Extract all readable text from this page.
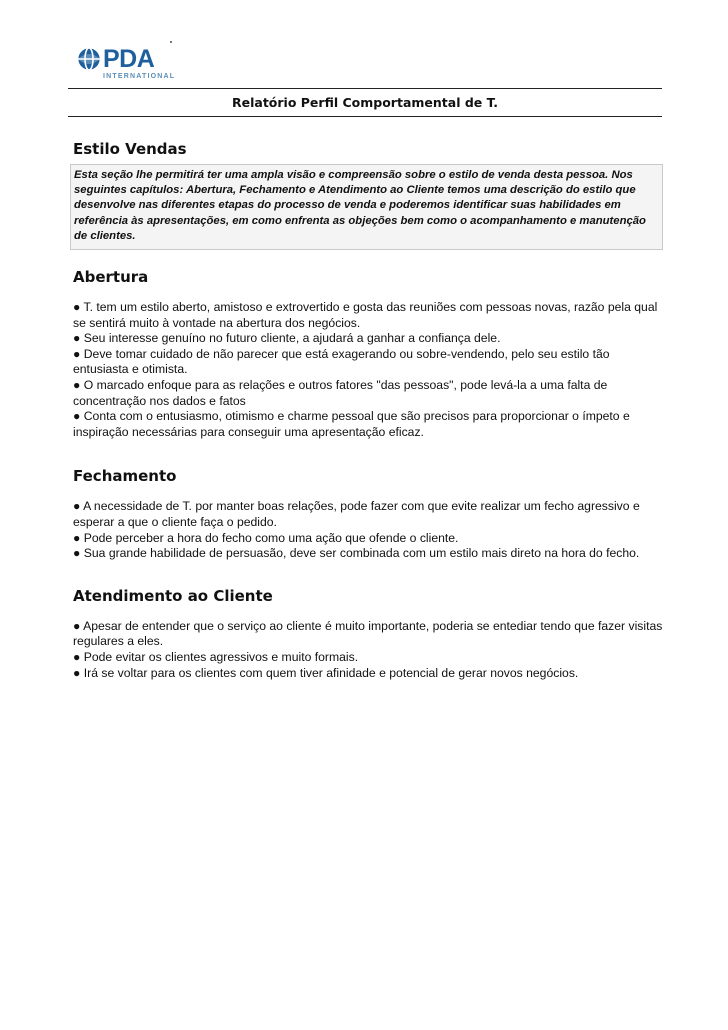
PDA
INTERNATIONAL
Relatório Perfil Comportamental de T.
Estilo Vendas
Esta seção lhe permitirá ter uma ampla visão e compreensão sobre o estilo de venda desta pessoa. Nos seguintes capítulos: Abertura, Fechamento e Atendimento ao Cliente temos uma descrição do estilo que desenvolve nas diferentes etapas do processo de venda e poderemos identificar suas habilidades em referência às apresentações, em como enfrenta as objeções bem como o acompanhamento e manutenção de clientes.
Abertura

● T. tem um estilo aberto, amistoso e extrovertido e gosta das reuniões com pessoas novas, razão pela qual se sentirá muito à vontade na abertura dos negócios.

● Seu interesse genuíno no futuro cliente, a ajudará a ganhar a confiança dele.

● Deve tomar cuidado de não parecer que está exagerando ou sobre-vendendo, pelo seu estilo tão entusiasta e otimista.

● O marcado enfoque para as relações e outros fatores "das pessoas", pode levá-la a uma falta de concentração nos dados e fatos

● Conta com o entusiasmo, otimismo e charme pessoal que são precisos para proporcionar o ímpeto e inspiração necessárias para conseguir uma apresentação eficaz.

Fechamento

● A necessidade de T. por manter boas relações, pode fazer com que evite realizar um fecho agressivo e esperar a que o cliente faça o pedido.

● Pode perceber a hora do fecho como uma ação que ofende o cliente.

● Sua grande habilidade de persuasão, deve ser combinada com um estilo mais direto na hora do fecho.

Atendimento ao Cliente

● Apesar de entender que o serviço ao cliente é muito importante, poderia se entediar tendo que fazer visitas regulares a eles.

● Pode evitar os clientes agressivos e muito formais.

● Irá se voltar para os clientes com quem tiver afinidade e potencial de gerar novos negócios.
